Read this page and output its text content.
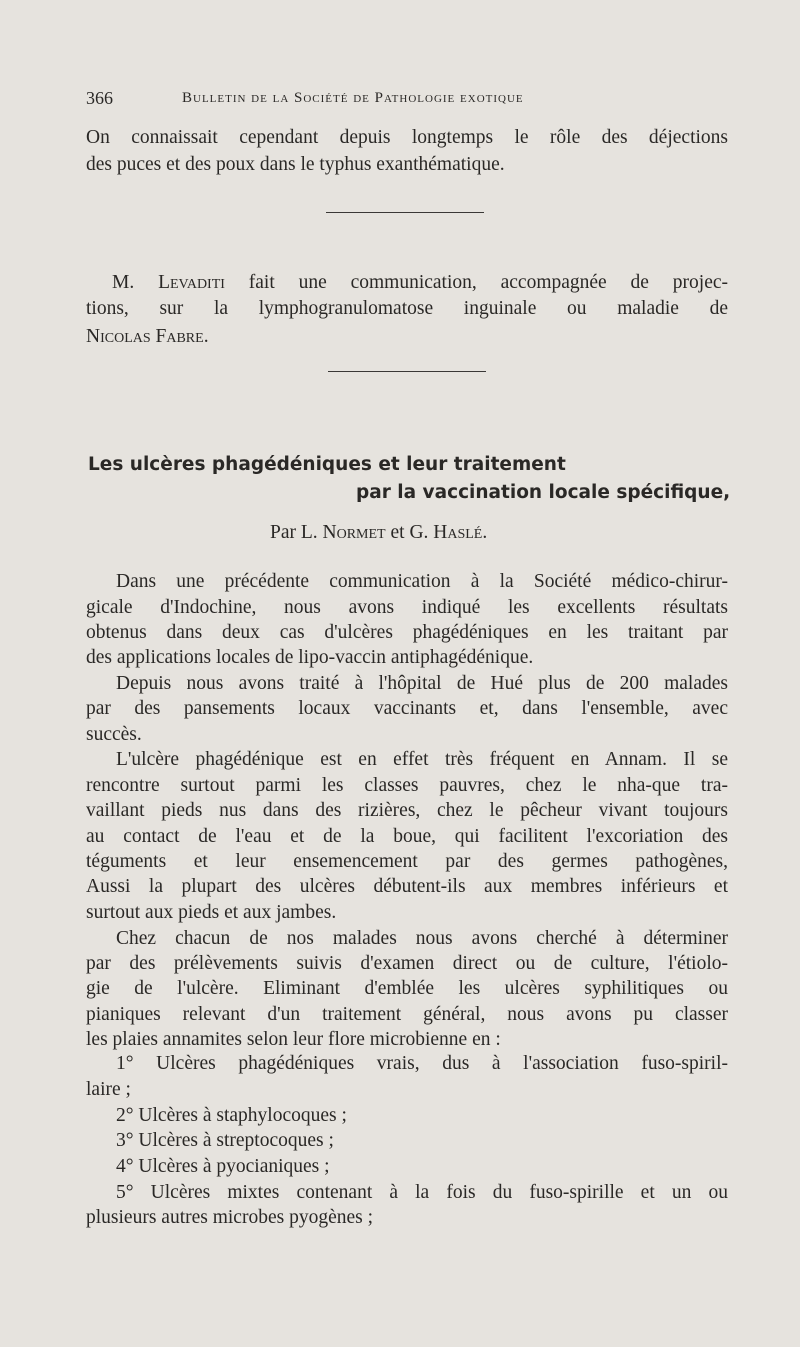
366	Bulletin de la Société de Pathologie exotique
On connaissait cependant depuis longtemps le rôle des déjections
des puces et des poux dans le typhus exanthématique.
M. Levaditi fait une communication, accompagnée de projec-
tions, sur la lymphogranulomatose inguinale ou maladie de
Nicolas Fabre.
Les ulcères phagédéniques et leur traitement
par la vaccination locale spécifique,
Par L. Normet et G. Haslé.
Dans une précédente communication à la Société médico-chirur-
gicale d'Indochine, nous avons indiqué les excellents résultats
obtenus dans deux cas d'ulcères phagédéniques en les traitant par
des applications locales de lipo-vaccin antiphagédénique.
Depuis nous avons traité à l'hôpital de Hué plus de 200 malades
par des pansements locaux vaccinants et, dans l'ensemble, avec
succès.
L'ulcère phagédénique est en effet très fréquent en Annam. Il se
rencontre surtout parmi les classes pauvres, chez le nha-que tra-
vaillant pieds nus dans des rizières, chez le pêcheur vivant toujours
au contact de l'eau et de la boue, qui facilitent l'excoriation des
téguments et leur ensemencement par des germes pathogènes,
Aussi la plupart des ulcères débutent-ils aux membres inférieurs et
surtout aux pieds et aux jambes.
Chez chacun de nos malades nous avons cherché à déterminer
par des prélèvements suivis d'examen direct ou de culture, l'étiolo-
gie de l'ulcère. Eliminant d'emblée les ulcères syphilitiques ou
pianiques relevant d'un traitement général, nous avons pu classer
les plaies annamites selon leur flore microbienne en :
1° Ulcères phagédéniques vrais, dus à l'association fuso-spiril-
laire ;
2° Ulcères à staphylocoques ;
3° Ulcères à streptocoques ;
4° Ulcères à pyocianiques ;
5° Ulcères mixtes contenant à la fois du fuso-spirille et un ou
plusieurs autres microbes pyogènes ;
